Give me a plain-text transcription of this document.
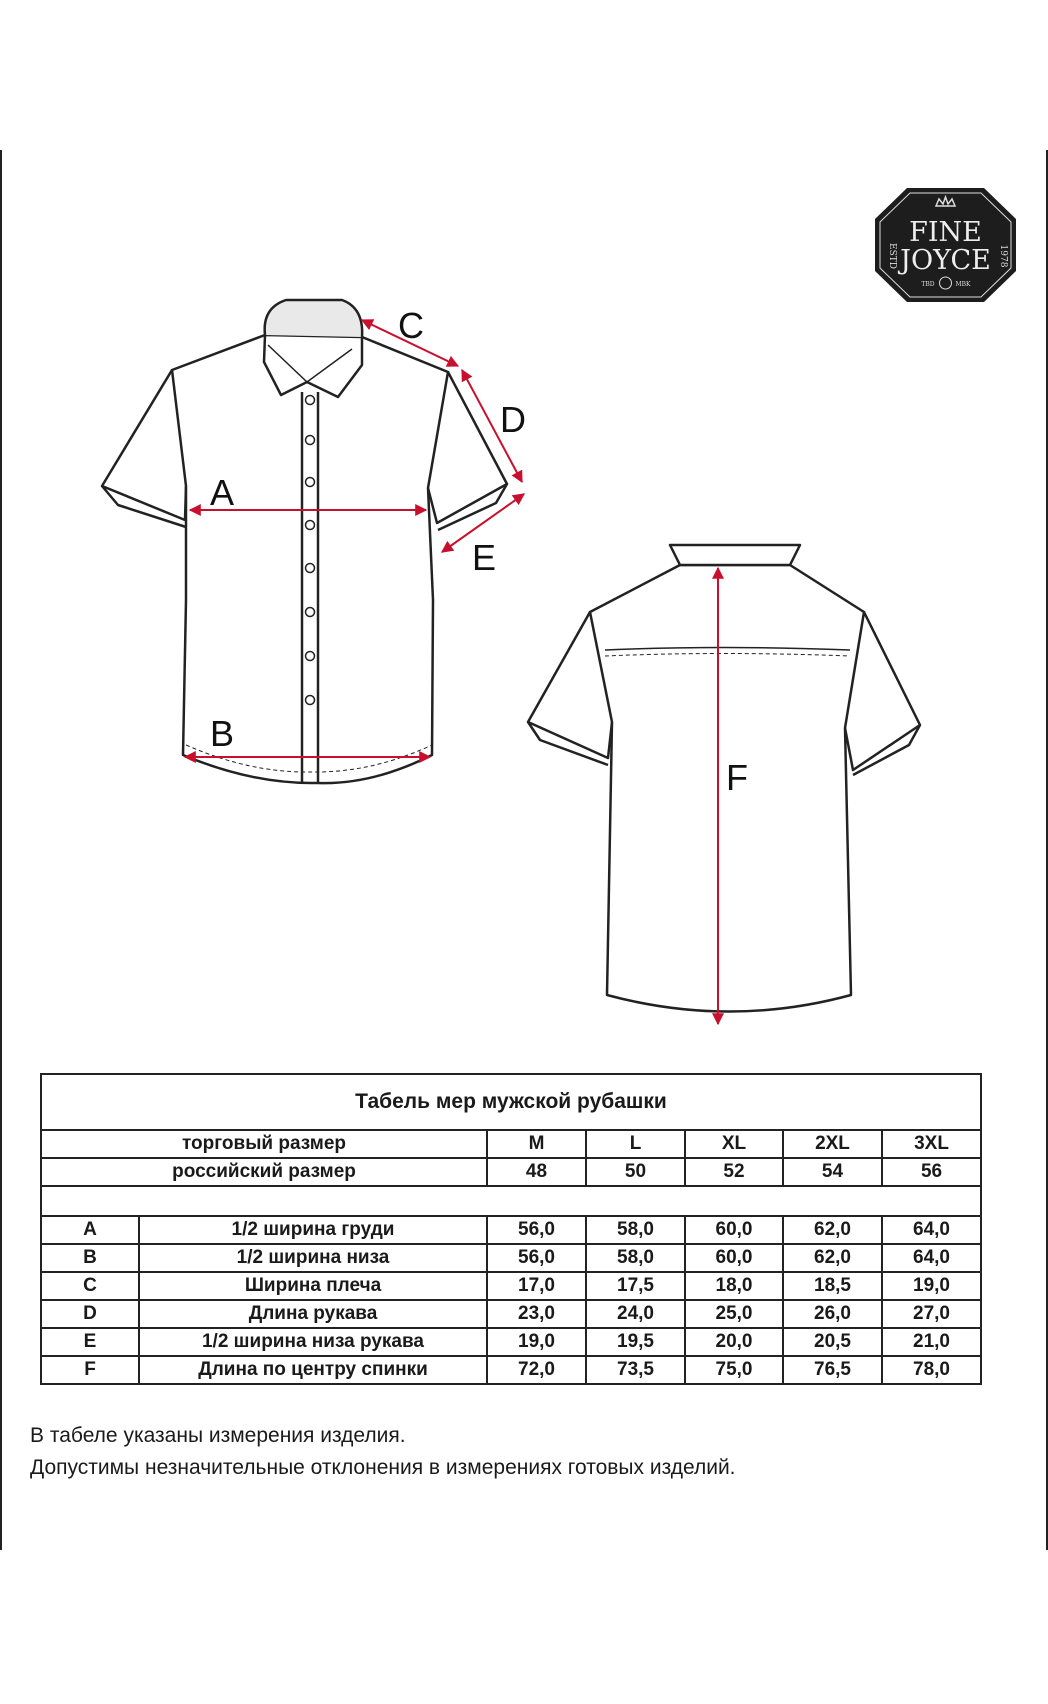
FINE
JOYCE
ESTD	1978
TBD	MBK
A
B
C
D
E
F
Табель мер мужской рубашки						
торговый размер		M	L	XL	2XL	3XL
российский размер		48	50	52	54	56

A	1/2 ширина груди	56,0	58,0	60,0	62,0	64,0
B	1/2 ширина низа	56,0	58,0	60,0	62,0	64,0
C	Ширина плеча	17,0	17,5	18,0	18,5	19,0
D	Длина рукава	23,0	24,0	25,0	26,0	27,0
E	1/2 ширина низа рукава	19,0	19,5	20,0	20,5	21,0
F	Длина по центру спинки	72,0	73,5	75,0	76,5	78,0
В табеле указаны измерения изделия.
Допустимы незначительные отклонения в измерениях готовых изделий.
